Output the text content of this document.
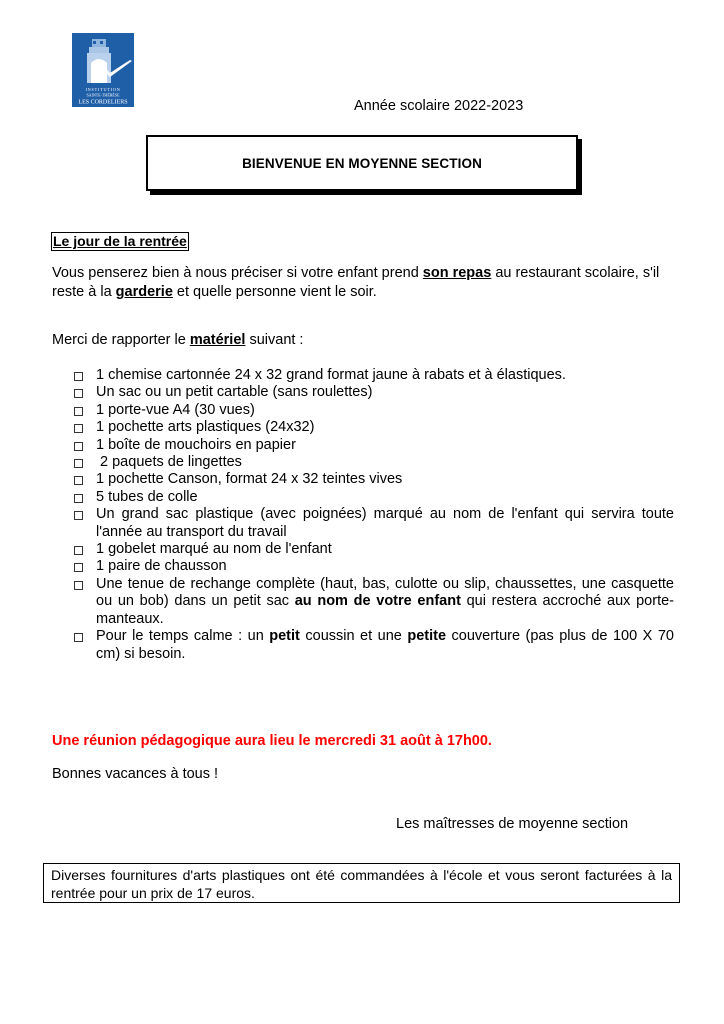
INSTITUTION
SAINTE-THÉRÈSE
LES CORDELIERS	Année scolaire 2022-2023
BIENVENUE EN MOYENNE SECTION
Le jour de la rentrée
Vous penserez bien à nous préciser si votre enfant prend son repas au restaurant scolaire, s'il reste à la garderie et quelle personne vient le soir.
Merci de rapporter le matériel suivant :
1 chemise cartonnée 24 x 32 grand format jaune à rabats et à élastiques.
Un sac ou un petit cartable (sans roulettes)
1 porte-vue A4 (30 vues)
1 pochette arts plastiques (24x32)
1 boîte de mouchoirs en papier
2 paquets de lingettes
1 pochette Canson, format 24 x 32 teintes vives
5 tubes de colle
Un grand sac plastique (avec poignées) marqué au nom de l'enfant qui servira toute l'année au transport du travail
1 gobelet marqué au nom de l'enfant
1 paire de chausson
Une tenue de rechange complète (haut, bas, culotte ou slip, chaussettes, une casquette ou un bob) dans un petit sac au nom de votre enfant qui restera accroché aux porte-manteaux.
Pour le temps calme : un petit coussin et une petite couverture (pas plus de 100 X 70 cm) si besoin.
Une réunion pédagogique aura lieu le mercredi 31 août à 17h00.
Bonnes vacances à tous !
Les maîtresses de moyenne section
Diverses fournitures d'arts plastiques ont été commandées à l'école et vous seront facturées à la rentrée pour un prix de 17 euros.
